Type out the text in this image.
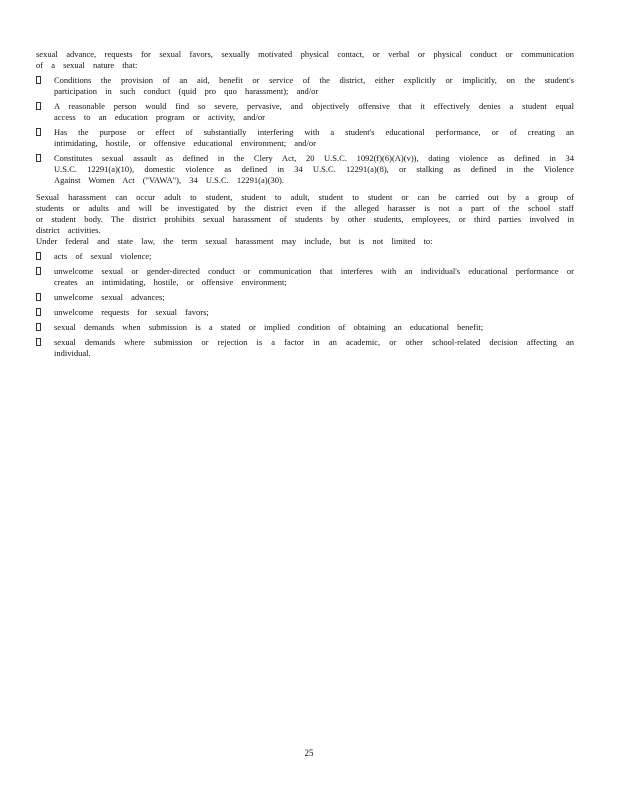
sexual advance, requests for sexual favors, sexually motivated physical contact, or verbal or physical conduct or communication of a sexual nature that:

Conditions the provision of an aid, benefit or service of the district, either explicitly or implicitly, on the student's participation in such conduct (quid pro quo harassment); and/or
A reasonable person would find so severe, pervasive, and objectively offensive that it effectively denies a student equal access to an education program or activity, and/or
Has the purpose or effect of substantially interfering with a student's educational performance, or of creating an intimidating, hostile, or offensive educational environment; and/or
Constitutes sexual assault as defined in the Clery Act, 20 U.S.C. 1092(f)(6)(A)(v)), dating violence as defined in 34 U.S.C. 12291(a)(10), domestic violence as defined in 34 U.S.C. 12291(a)(8), or stalking as defined in the Violence Against Women Act ("VAWA"), 34 U.S.C. 12291(a)(30).

Sexual harassment can occur adult to student, student to adult, student to student or can be carried out by a group of students or adults and will be investigated by the district even if the alleged harasser is not a part of the school staff or student body. The district prohibits sexual harassment of students by other students, employees, or third parties involved in district activities.

Under federal and state law, the term sexual harassment may include, but is not limited to:

acts of sexual violence;
unwelcome sexual or gender-directed conduct or communication that interferes with an individual's educational performance or creates an intimidating, hostile, or offensive environment;
unwelcome sexual advances;
unwelcome requests for sexual favors;
sexual demands when submission is a stated or implied condition of obtaining an educational benefit;
sexual demands where submission or rejection is a factor in an academic, or other school-related decision affecting an individual.
25
